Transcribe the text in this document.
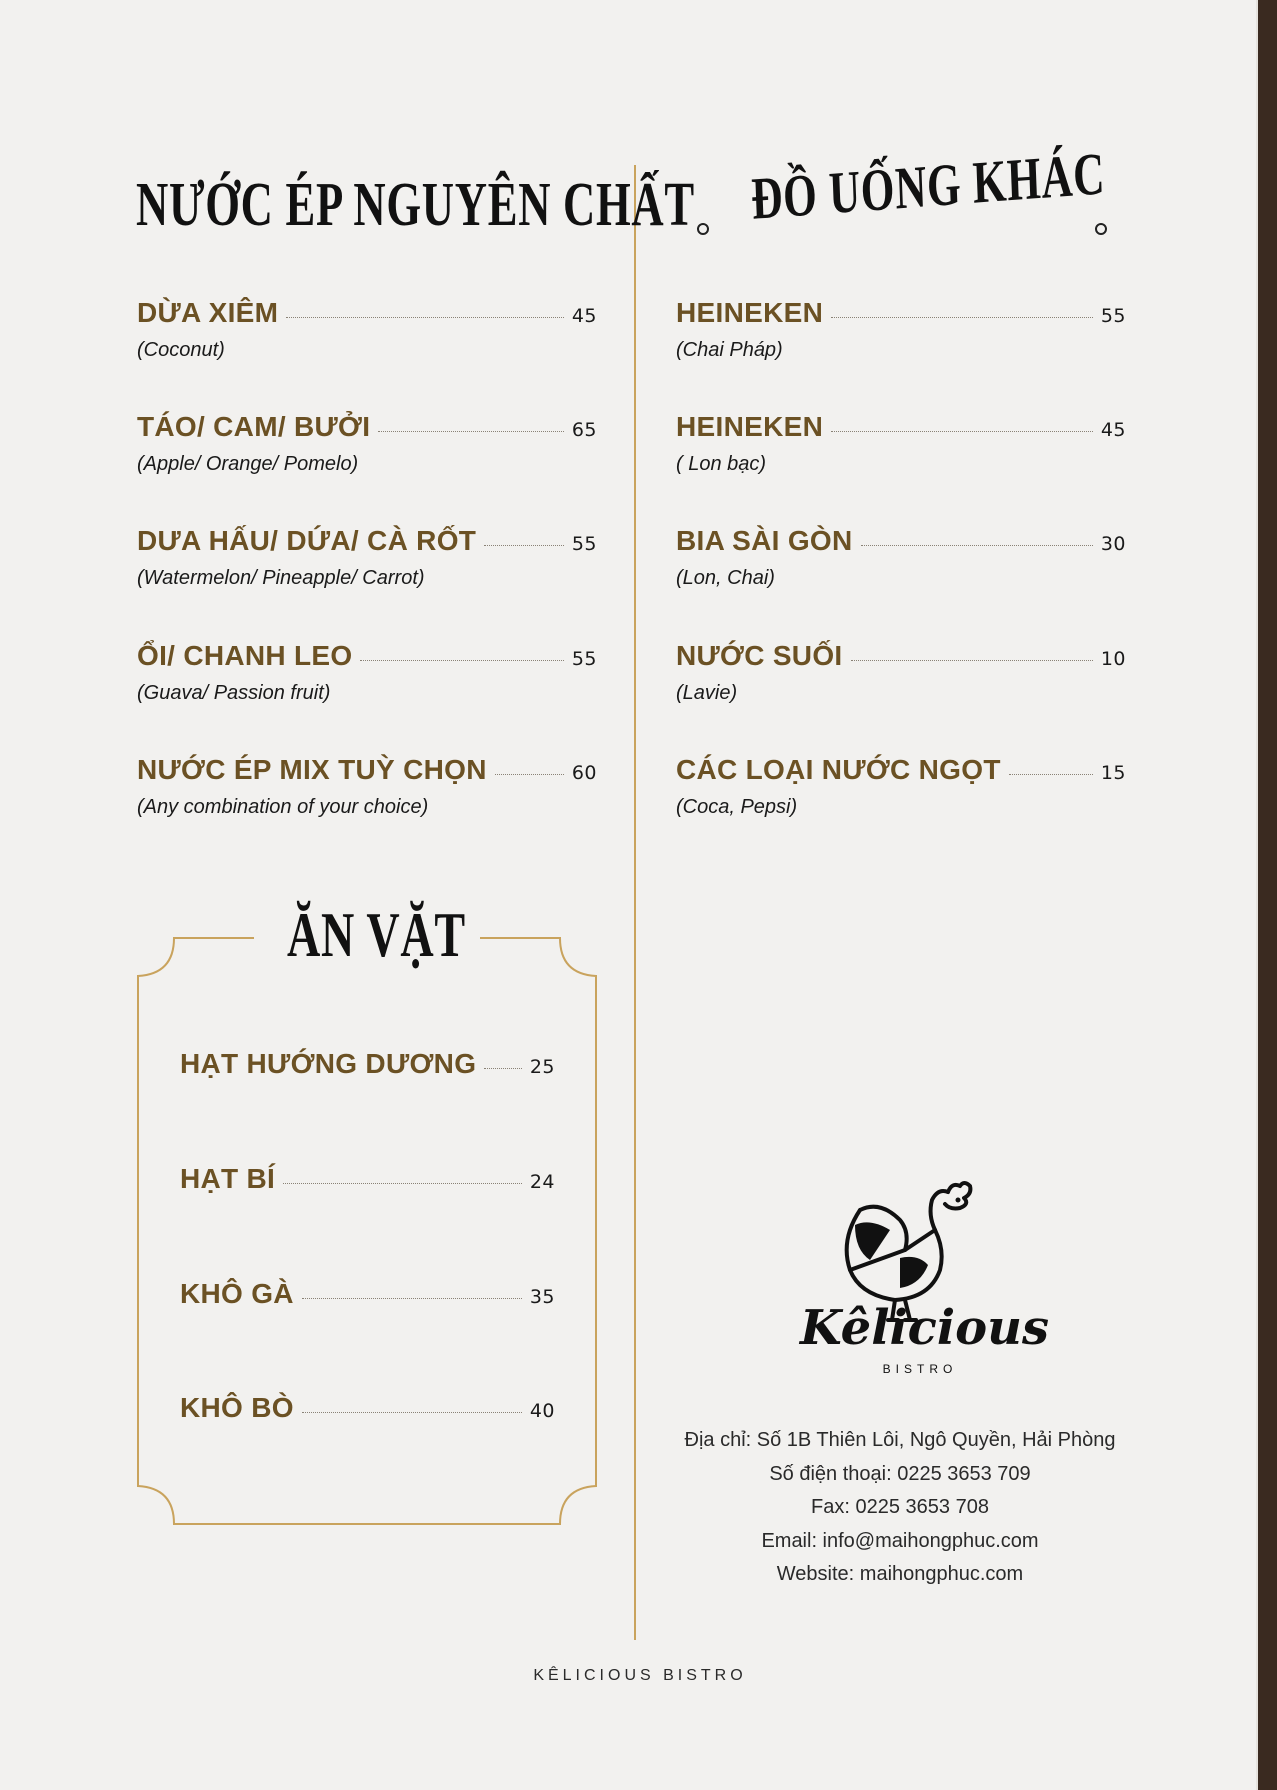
NƯỚC ÉP NGUYÊN CHẤT ĐỒ UỐNG KHÁC
DỪA XIÊM	45
(Coconut)
TÁO/ CAM/ BƯỞI	65
(Apple/ Orange/ Pomelo)
DƯA HẤU/ DỨA/ CÀ RỐT	55
(Watermelon/ Pineapple/ Carrot)
ỔI/ CHANH LEO	55
(Guava/ Passion fruit)
NƯỚC ÉP MIX TUỲ CHỌN	60
(Any combination of your choice)
HEINEKEN	55
(Chai Pháp)
HEINEKEN	45
( Lon bạc)
BIA SÀI GÒN	30
(Lon, Chai)
NƯỚC SUỐI	10
(Lavie)
CÁC LOẠI NƯỚC NGỌT	15
(Coca, Pepsi)
ĂN VẶT
HẠT HƯỚNG DƯƠNG	25
HẠT BÍ	24
KHÔ GÀ	35
KHÔ BÒ	40
Kêlicious
BISTRO
Địa chỉ: Số 1B Thiên Lôi, Ngô Quyền, Hải Phòng
Số điện thoại: 0225 3653 709
Fax: 0225 3653 708
Email: info@maihongphuc.com
Website: maihongphuc.com
KÊLICIOUS BISTRO
